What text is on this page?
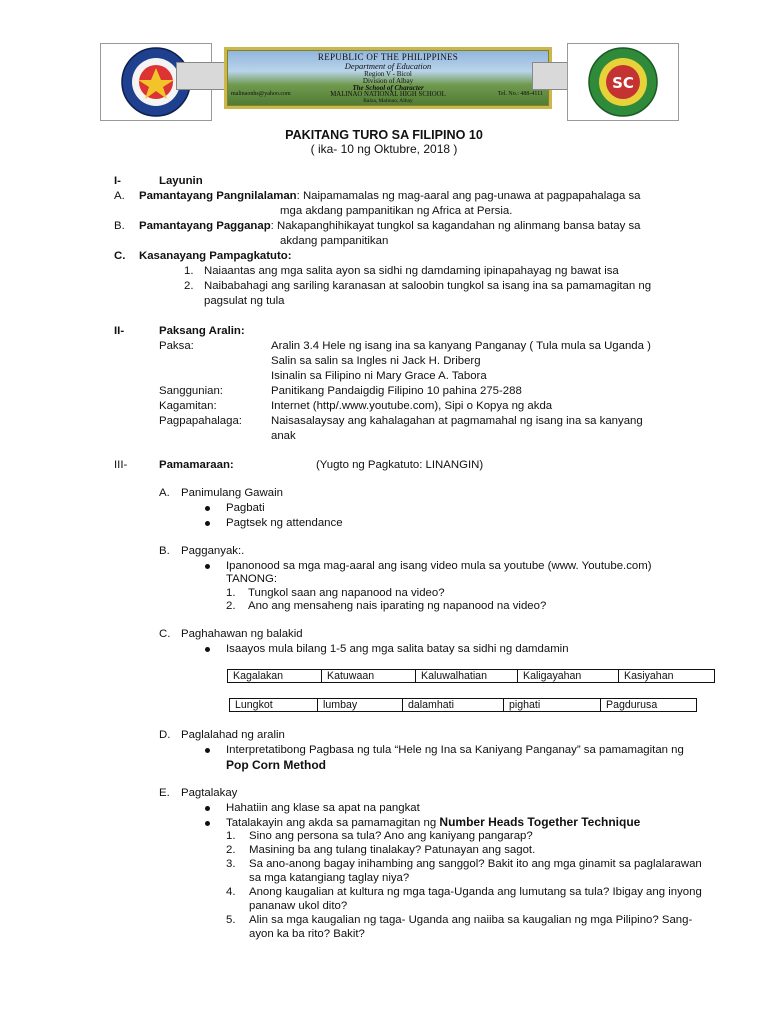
REPUBLIC OF THE PHILIPPINES
Department of Education
Region V - Bicol
Division of Albay
The School of Character
MALINAO NATIONAL HIGH SCHOOL
Balza, Malinao, Albay
malinaonhs@yahoo.com	Tel. No.: 488-4111
SC
PAKITANG TURO SA FILIPINO 10
( ika- 10 ng Oktubre, 2018 )
I-	Layunin
A. Pamantayang Pangnilalaman: Naipamamalas ng mag-aaral ang pag-unawa at pagpapahalaga sa
mga akdang pampanitikan ng Africa at Persia.
B. Pamantayang Pagganap: Nakapanghihikayat tungkol sa kagandahan ng alinmang bansa batay sa
akdang pampanitikan
C. Kasanayang Pampagkatuto:
1. Naiaantas ang mga salita ayon sa sidhi ng damdaming ipinapahayag ng bawat isa
2. Naibabahagi ang sariling karanasan at saloobin tungkol sa isang ina sa pamamagitan ng
pagsulat ng tula
II-	Paksang Aralin:
Paksa:	Aralin 3.4 Hele ng isang ina sa kanyang Panganay ( Tula mula sa Uganda )
Salin sa salin sa Ingles ni Jack H. Driberg
Isinalin sa Filipino ni Mary Grace A. Tabora
Sanggunian:	Panitikang Pandaigdig Filipino 10 pahina 275-288
Kagamitan:	Internet (http/.www.youtube.com), Sipi o Kopya ng akda
Pagpapahalaga:	Naisasalaysay ang kahalagahan at pagmamahal ng isang ina sa kanyang
anak
III-	Pamamaraan:	(Yugto ng Pagkatuto: LINANGIN)
A. Panimulang Gawain
Pagbati
Pagtsek ng attendance
B. Pagganyak:.
Ipanonood sa mga mag-aaral ang isang video mula sa youtube (www. Youtube.com)
TANONG:
1. Tungkol saan ang napanood na video?
2. Ano ang mensaheng nais iparating ng napanood na video?
C. Paghahawan ng balakid
Isaayos mula bilang 1-5 ang mga salita batay sa sidhi ng damdamin
Kagalakan	Katuwaan	Kaluwalhatian	Kaligayahan	Kasiyahan
Lungkot	lumbay	dalamhati	pighati	Pagdurusa
D. Paglalahad ng aralin
Interpretatibong Pagbasa ng tula “Hele ng Ina sa Kaniyang Panganay” sa pamamagitan ng
Pop Corn Method
E. Pagtalakay
Hahatiin ang klase sa apat na pangkat
Tatalakayin ang akda sa pamamagitan ng Number Heads Together Technique
1. Sino ang persona sa tula? Ano ang kaniyang pangarap?
2. Masining ba ang tulang tinalakay? Patunayan ang sagot.
3. Sa ano-anong bagay inihambing ang sanggol? Bakit ito ang mga ginamit sa paglalarawan
sa mga katangiang taglay niya?
4. Anong kaugalian at kultura ng mga taga-Uganda ang lumutang sa tula? Ibigay ang inyong
pananaw ukol dito?
5. Alin sa mga kaugalian ng taga- Uganda ang naiiba sa kaugalian ng mga Pilipino? Sang-
ayon ka ba rito? Bakit?
